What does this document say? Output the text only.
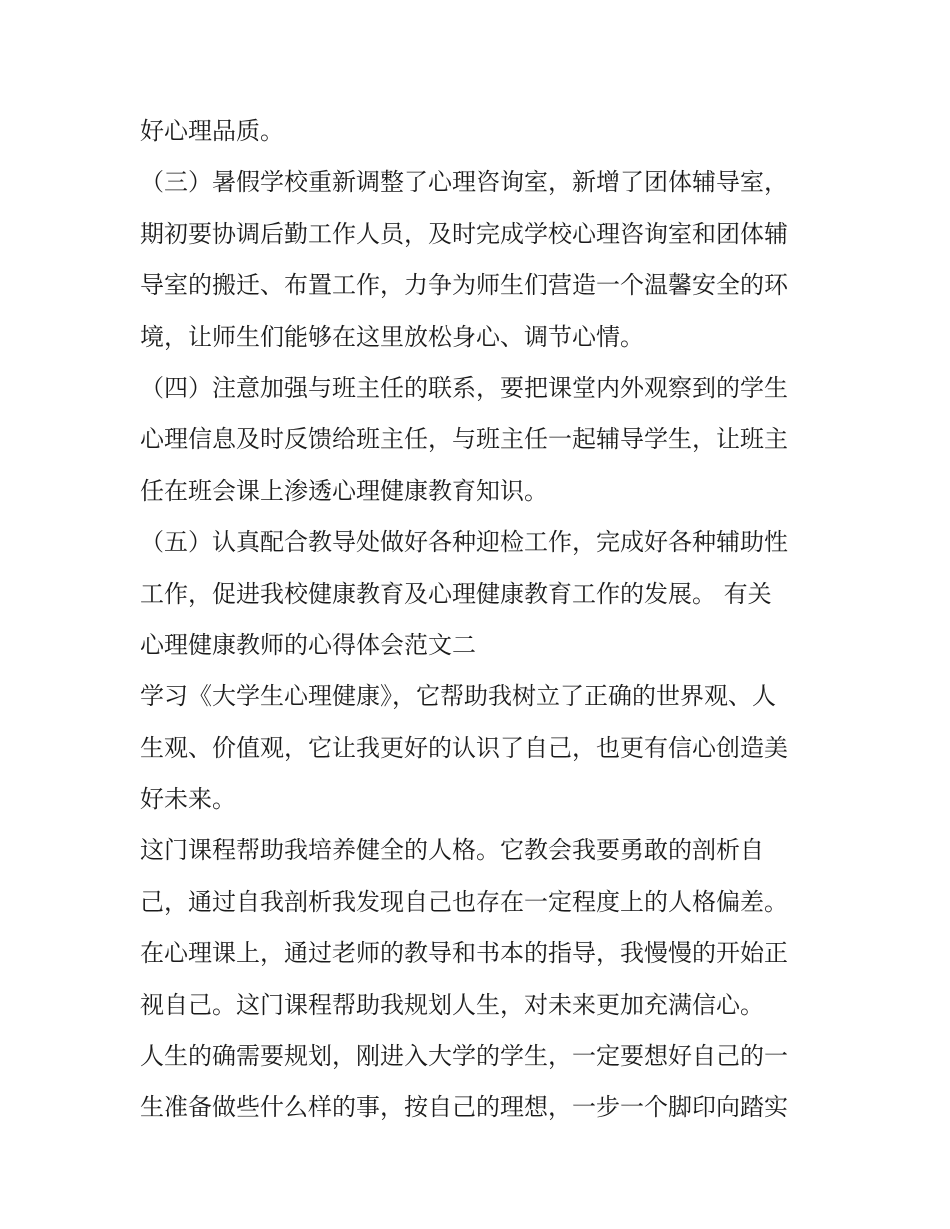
好心理品质。
（三）暑假学校重新调整了心理咨询室，新增了团体辅导室，
期初要协调后勤工作人员，及时完成学校心理咨询室和团体辅
导室的搬迁、布置工作，力争为师生们营造一个温馨安全的环
境，让师生们能够在这里放松身心、调节心情。
（四）注意加强与班主任的联系，要把课堂内外观察到的学生
心理信息及时反馈给班主任，与班主任一起辅导学生，让班主
任在班会课上渗透心理健康教育知识。
（五）认真配合教导处做好各种迎检工作，完成好各种辅助性
工作，促进我校健康教育及心理健康教育工作的发展。 有关
心理健康教师的心得体会范文二
学习《大学生心理健康》，它帮助我树立了正确的世界观、人
生观、价值观，它让我更好的认识了自己，也更有信心创造美
好未来。
这门课程帮助我培养健全的人格。它教会我要勇敢的剖析自
己，通过自我剖析我发现自己也存在一定程度上的人格偏差。
在心理课上，通过老师的教导和书本的指导，我慢慢的开始正
视自己。这门课程帮助我规划人生，对未来更加充满信心。
人生的确需要规划，刚进入大学的学生，一定要想好自己的一
生准备做些什么样的事，按自己的理想，一步一个脚印向踏实
